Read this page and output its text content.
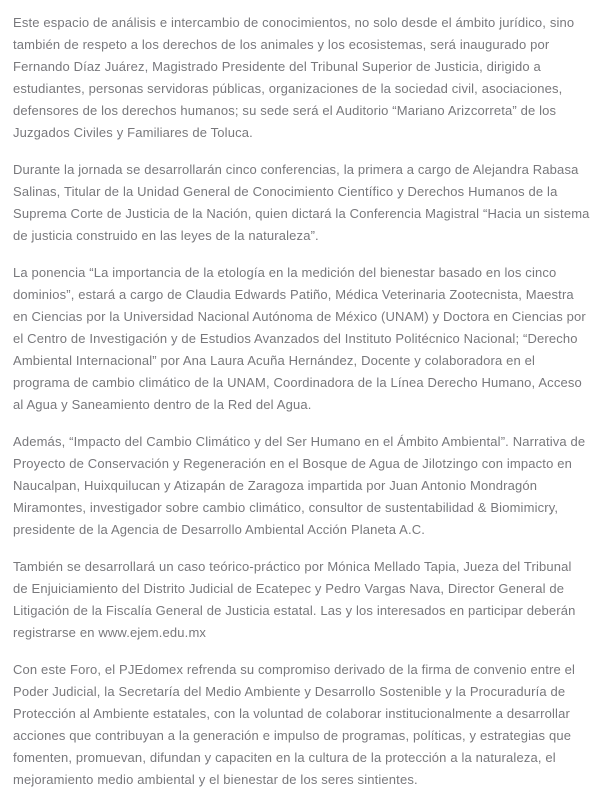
Este espacio de análisis e intercambio de conocimientos, no solo desde el ámbito jurídico, sino también de respeto a los derechos de los animales y los ecosistemas, será inaugurado por Fernando Díaz Juárez, Magistrado Presidente del Tribunal Superior de Justicia, dirigido a estudiantes, personas servidoras públicas, organizaciones de la sociedad civil, asociaciones, defensores de los derechos humanos; su sede será el Auditorio “Mariano Arizcorreta” de los Juzgados Civiles y Familiares de Toluca.

Durante la jornada se desarrollarán cinco conferencias, la primera a cargo de Alejandra Rabasa Salinas, Titular de la Unidad General de Conocimiento Científico y Derechos Humanos de la Suprema Corte de Justicia de la Nación, quien dictará la Conferencia Magistral “Hacia un sistema de justicia construido en las leyes de la naturaleza”.

La ponencia “La importancia de la etología en la medición del bienestar basado en los cinco dominios”, estará a cargo de Claudia Edwards Patiño, Médica Veterinaria Zootecnista, Maestra en Ciencias por la Universidad Nacional Autónoma de México (UNAM) y Doctora en Ciencias por el Centro de Investigación y de Estudios Avanzados del Instituto Politécnico Nacional; “Derecho Ambiental Internacional” por Ana Laura Acuña Hernández, Docente y colaboradora en el programa de cambio climático de la UNAM, Coordinadora de la Línea Derecho Humano, Acceso al Agua y Saneamiento dentro de la Red del Agua.

Además, “Impacto del Cambio Climático y del Ser Humano en el Ámbito Ambiental”. Narrativa de Proyecto de Conservación y Regeneración en el Bosque de Agua de Jilotzingo con impacto en Naucalpan, Huixquilucan y Atizapán de Zaragoza impartida por Juan Antonio Mondragón Miramontes, investigador sobre cambio climático, consultor de sustentabilidad & Biomimicry, presidente de la Agencia de Desarrollo Ambiental Acción Planeta A.C.

También se desarrollará un caso teórico-práctico por Mónica Mellado Tapia, Jueza del Tribunal de Enjuiciamiento del Distrito Judicial de Ecatepec y Pedro Vargas Nava, Director General de Litigación de la Fiscalía General de Justicia estatal. Las y los interesados en participar deberán registrarse en www.ejem.edu.mx

Con este Foro, el PJEdomex refrenda su compromiso derivado de la firma de convenio entre el Poder Judicial, la Secretaría del Medio Ambiente y Desarrollo Sostenible y la Procuraduría de Protección al Ambiente estatales, con la voluntad de colaborar institucionalmente a desarrollar acciones que contribuyan a la generación e impulso de programas, políticas, y estrategias que fomenten, promuevan, difundan y capaciten en la cultura de la protección a la naturaleza, el mejoramiento medio ambiental y el bienestar de los seres sintientes.
